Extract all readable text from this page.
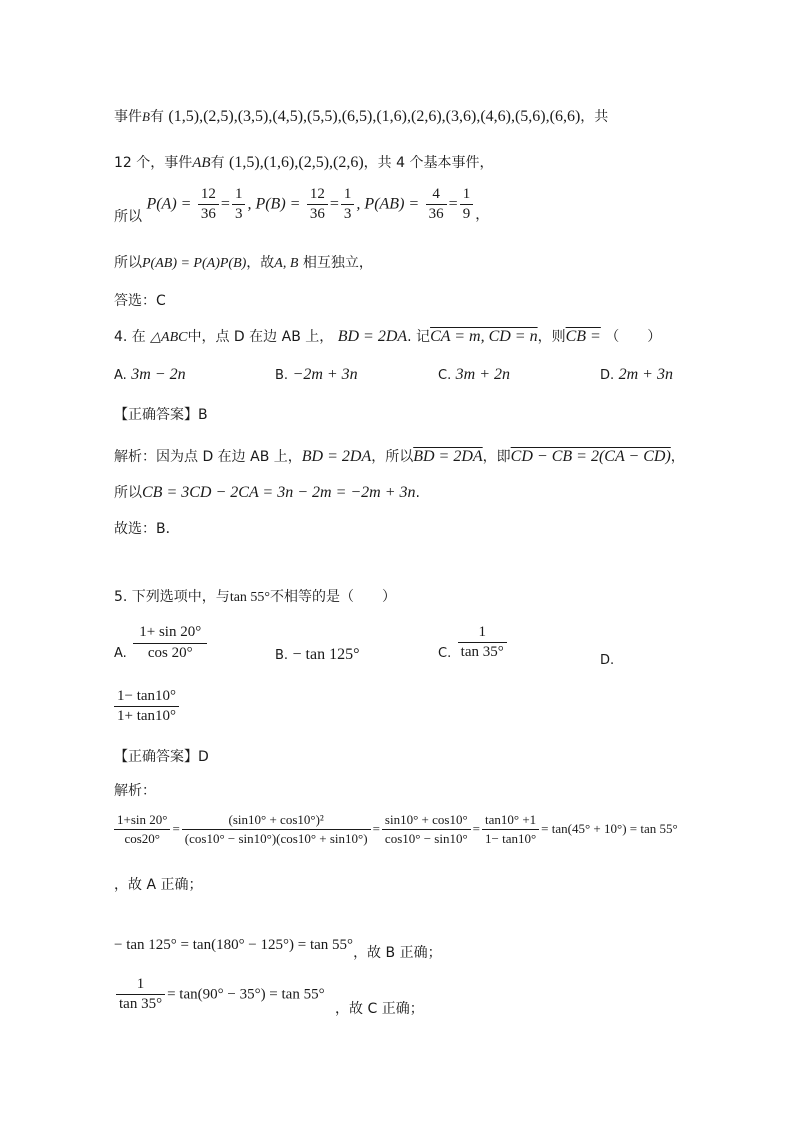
事件B有 (1,5),(2,5),(3,5),(4,5),(5,5),(6,5),(1,6),(2,6),(3,6),(4,6),(5,6),(6,6)，共
12 个，事件AB有 (1,5),(1,6),(2,5),(2,6)，共 4 个基本事件，
所以 $P(A) = \frac{12}{36} = \frac{1}{3}$ , $P(B) = \frac{12}{36} = \frac{1}{3}$ , $P(AB) = \frac{4}{36} = \frac{1}{9}$ ，
所以P(AB) = P(A)P(B)，故A, B 相互独立，
答选：C
4. 在 △ABC中，点 D 在边 AB 上， BD = 2DA. 记CA = m, CD = n，则CB = （　　）
A. 3m − 2n	B. −2m + 3n	C. 3m + 2n	D. 2m + 3n
【正确答案】B
解析：因为点 D 在边 AB 上，BD = 2DA，所以BD = 2DA，即CD − CB = 2(CA − CD)，
所以CB = 3CD − 2CA = 3n − 2m = −2m + 3n.
故选：B．
5. 下列选项中，与tan 55°不相等的是（　　）
A. $\frac{1+ \sin 20^\circ}{\cos 20^\circ}$	B. − tan 125°	C. $\frac{1}{\tan 35^\circ}$	D.
$\frac{1- \tan 10^\circ}{1+ \tan 10^\circ}$
【正确答案】D
解析：
$\frac{1+\sin 20^\circ}{\cos 20^\circ} = \frac{\text{(sin10° + cos10°)²}}{(\cos 10^\circ - \sin 10^\circ)(\cos 10^\circ + \sin 10^\circ)} = \frac{\sin 10^\circ + \cos 10^\circ}{\cos 10^\circ - \sin 10^\circ} = \frac{\tan 10^\circ +1}{1- \tan 10^\circ} = \tan(45^\circ + 10^\circ) = \tan 55^\circ$
，故 A 正确；
− tan 125° = tan(180° − 125°) = tan 55°，故 B 正确；
$\frac{1}{\tan 35^\circ} = \tan(90^\circ - 35^\circ) = \tan 55^\circ$ ，故 C 正确；
